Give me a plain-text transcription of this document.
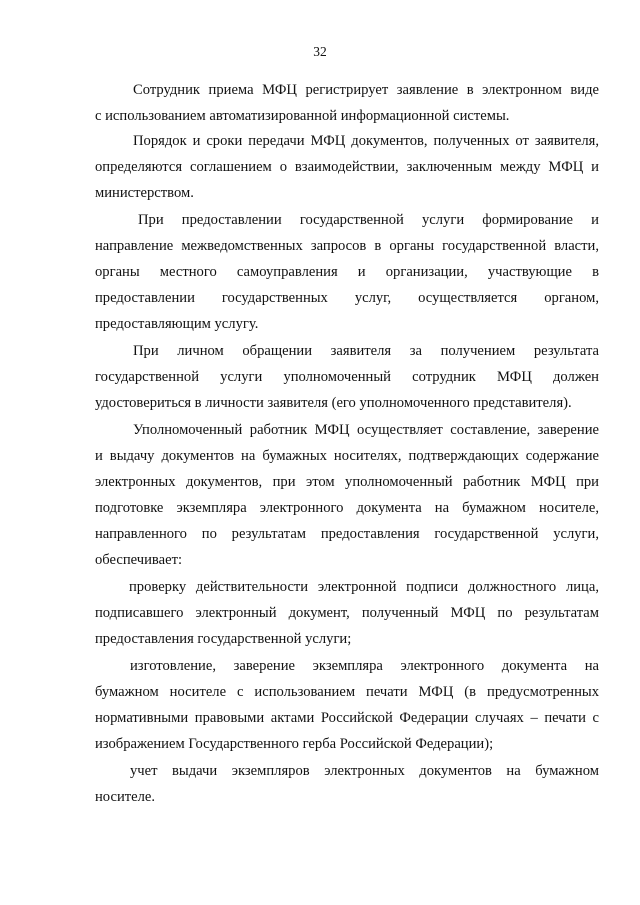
32
Сотрудник приема МФЦ регистрирует заявление в электронном виде
с использованием автоматизированной информационной системы.
Порядок и сроки передачи МФЦ документов, полученных от заявителя,
определяются соглашением о взаимодействии, заключенным между МФЦ и
министерством.
При предоставлении государственной услуги формирование и
направление межведомственных запросов в органы государственной власти,
органы местного самоуправления и организации, участвующие в
предоставлении государственных услуг, осуществляется органом,
предоставляющим услугу.
При личном обращении заявителя за получением результата
государственной услуги уполномоченный сотрудник МФЦ должен
удостовериться в личности заявителя (его уполномоченного представителя).
Уполномоченный работник МФЦ осуществляет составление, заверение
и выдачу документов на бумажных носителях, подтверждающих содержание
электронных документов, при этом уполномоченный работник МФЦ при
подготовке экземпляра электронного документа на бумажном носителе,
направленного по результатам предоставления государственной услуги,
обеспечивает:
проверку действительности электронной подписи должностного лица,
подписавшего электронный документ, полученный МФЦ по результатам
предоставления государственной услуги;
изготовление, заверение экземпляра электронного документа на
бумажном носителе с использованием печати МФЦ (в предусмотренных
нормативными правовыми актами Российской Федерации случаях – печати с
изображением Государственного герба Российской Федерации);
учет выдачи экземпляров электронных документов на бумажном
носителе.
